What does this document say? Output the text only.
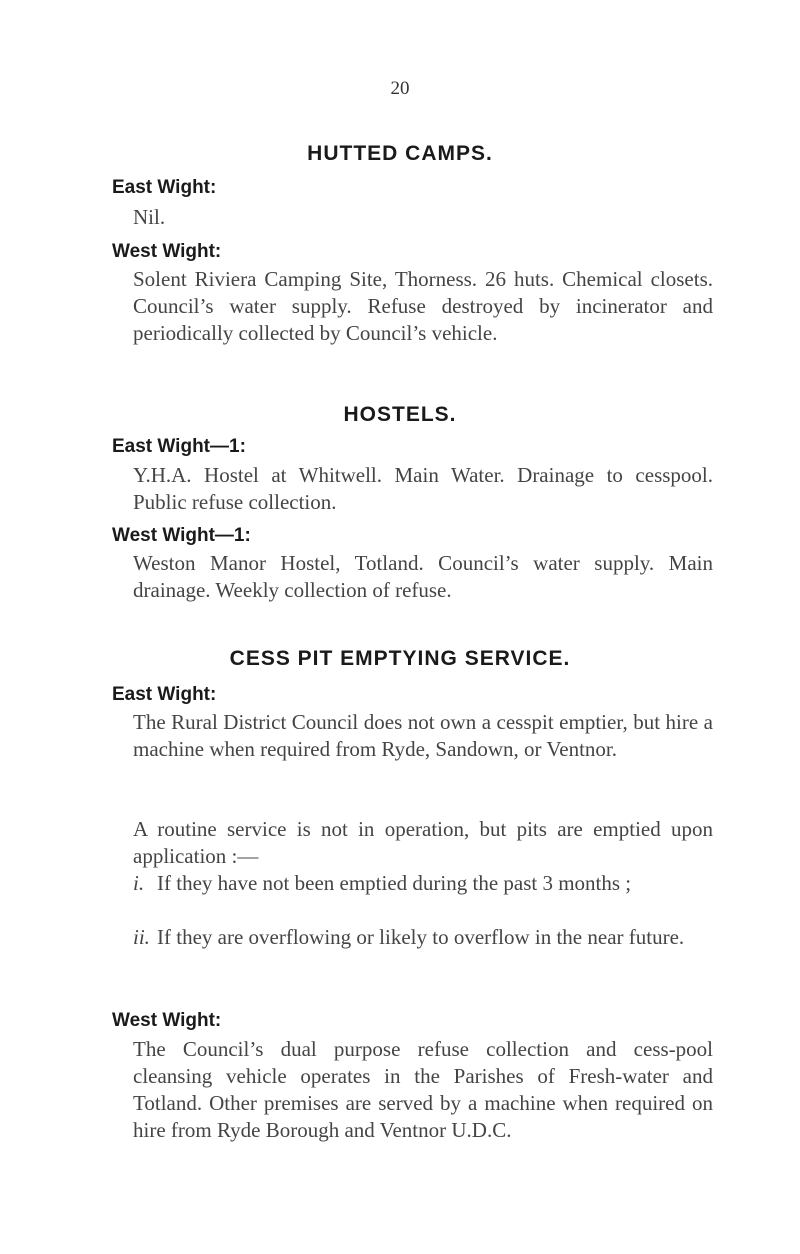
20
HUTTED CAMPS.
East Wight:
Nil.
West Wight:
Solent Riviera Camping Site, Thorness. 26 huts. Chemical closets. Council’s water supply. Refuse destroyed by incinerator and periodically collected by Council’s vehicle.
HOSTELS.
East Wight—1:
Y.H.A. Hostel at Whitwell. Main Water. Drainage to cesspool. Public refuse collection.
West Wight—1:
Weston Manor Hostel, Totland. Council’s water supply. Main drainage. Weekly collection of refuse.
CESS PIT EMPTYING SERVICE.
East Wight:
The Rural District Council does not own a cesspit emptier, but hire a machine when required from Ryde, Sandown, or Ventnor.
A routine service is not in operation, but pits are emptied upon application :—
i. If they have not been emptied during the past 3 months ;
ii. If they are overflowing or likely to overflow in the near future.
West Wight:
The Council’s dual purpose refuse collection and cess-pool cleansing vehicle operates in the Parishes of Fresh-water and Totland. Other premises are served by a machine when required on hire from Ryde Borough and Ventnor U.D.C.
